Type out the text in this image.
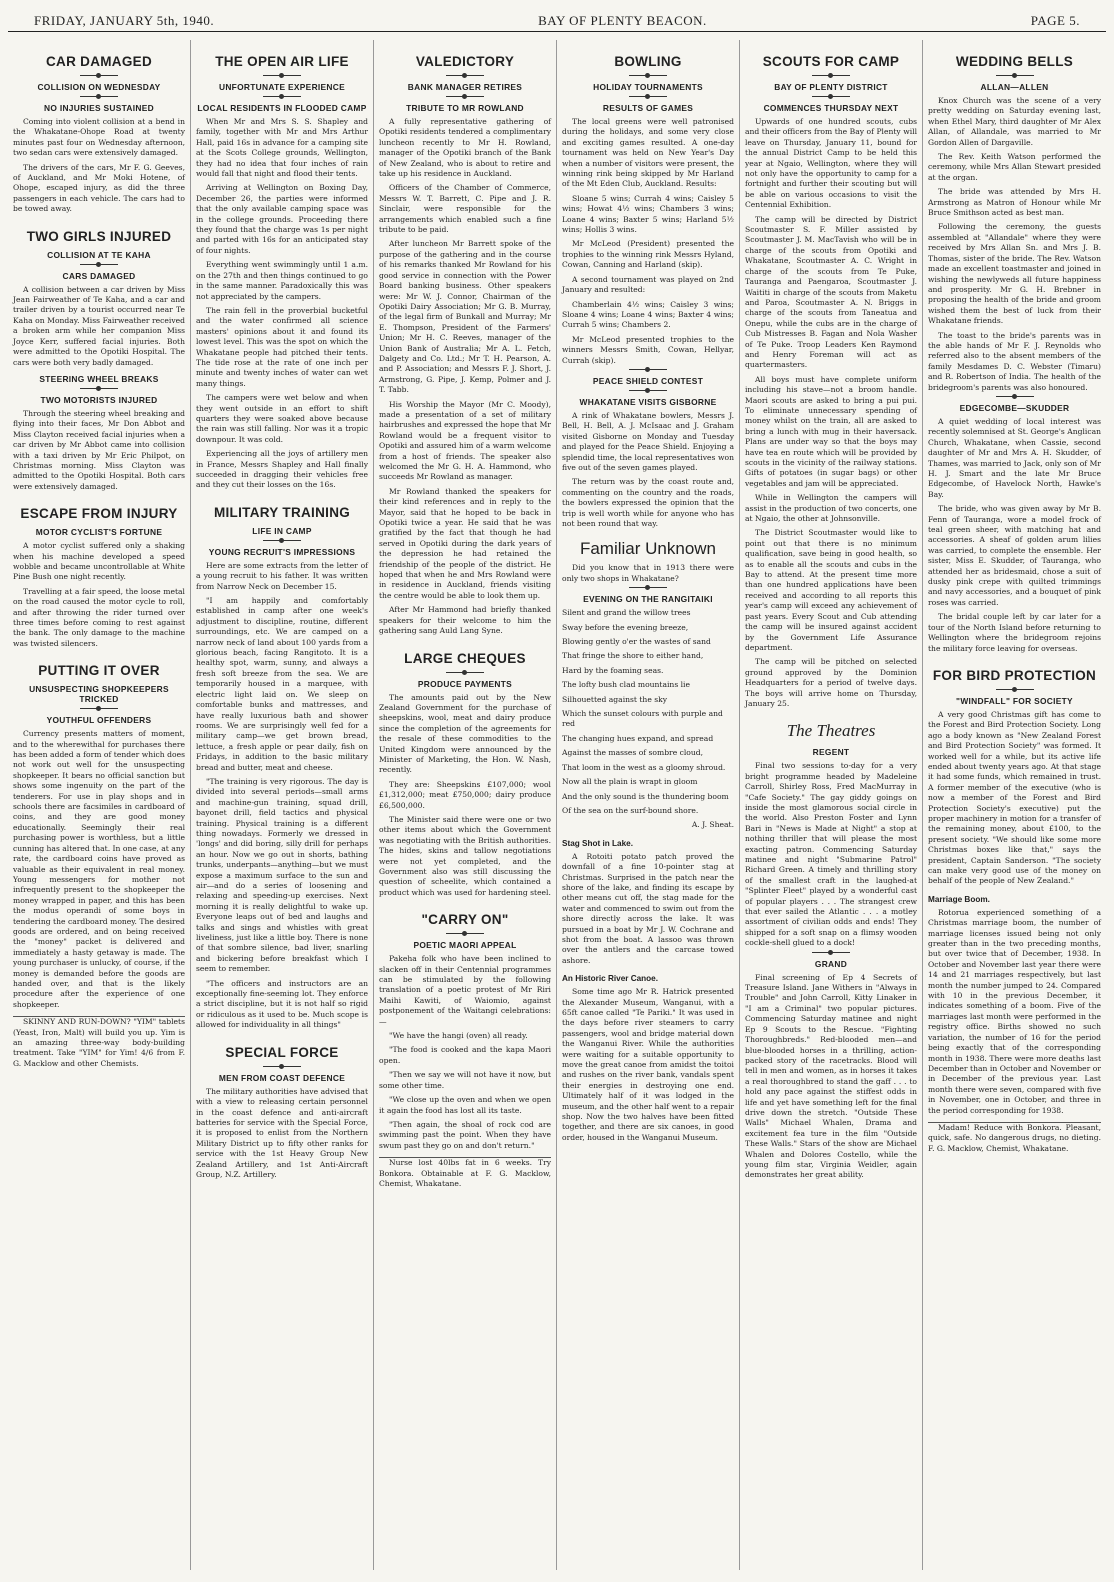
FRIDAY, JANUARY 5th, 1940.	BAY OF PLENTY BEACON.	PAGE 5.
CAR DAMAGED
COLLISION ON WEDNESDAY
NO INJURIES SUSTAINED

Coming into violent collision at a bend in the Whakatane-Ohope Road at twenty minutes past four on Wednesday afternoon, two sedan cars were extensively damaged.

The drivers of the cars, Mr F. G. Geeves, of Auckland, and Mr Moki Hotene, of Ohope, escaped injury, as did the three passengers in each vehicle. The cars had to be towed away.

TWO GIRLS INJURED
COLLISION AT TE KAHA
CARS DAMAGED

A collision between a car driven by Miss Jean Fairweather of Te Kaha, and a car and trailer driven by a tourist occurred near Te Kaha on Monday. Miss Fairweather received a broken arm while her companion Miss Joyce Kerr, suffered facial injuries. Both were admitted to the Opotiki Hospital. The cars were both very badly damaged.

STEERING WHEEL BREAKS
TWO MOTORISTS INJURED

Through the steering wheel breaking and flying into their faces, Mr Don Abbot and Miss Clayton received facial injuries when a car driven by Mr Abbot came into collision with a taxi driven by Mr Eric Philpot, on Christmas morning. Miss Clayton was admitted to the Opotiki Hospital. Both cars were extensively damaged.

ESCAPE FROM INJURY
MOTOR CYCLIST'S FORTUNE

A motor cyclist suffered only a shaking when his machine developed a speed wobble and became uncontrollable at White Pine Bush one night recently.

Travelling at a fair speed, the loose metal on the road caused the motor cycle to roll, and after throwing the rider turned over three times before coming to rest against the bank. The only damage to the machine was twisted silencers.

PUTTING IT OVER
UNSUSPECTING SHOPKEEPERS TRICKED
YOUTHFUL OFFENDERS

Currency presents matters of moment, and to the wherewithal for purchases there has been added a form of tender which does not work out well for the unsuspecting shopkeeper. It bears no official sanction but shows some ingenuity on the part of the tenderers. For use in play shops and in schools there are facsimiles in cardboard of coins, and they are good money educationally. Seemingly their real purchasing power is worthless, but a little cunning has altered that. In one case, at any rate, the cardboard coins have proved as valuable as their equivalent in real money. Young messengers for mother not infrequently present to the shopkeeper the money wrapped in paper, and this has been the modus operandi of some boys in tendering the cardboard money. The desired goods are ordered, and on being received the "money" packet is delivered and immediately a hasty getaway is made. The young purchaser is unlucky, of course, if the money is demanded before the goods are handed over, and that is the likely procedure after the experience of one shopkeeper.

SKINNY AND RUN-DOWN? "YIM" tablets (Yeast, Iron, Malt) will build you up. Yim is an amazing three-way body-building treatment. Take "YIM" for Yim! 4/6 from F. G. Macklow and other Chemists.

THE OPEN AIR LIFE
UNFORTUNATE EXPERIENCE
LOCAL RESIDENTS IN FLOODED CAMP

When Mr and Mrs S. S. Shapley and family, together with Mr and Mrs Arthur Hall, paid 16s in advance for a camping site at the Scots College grounds, Wellington, they had no idea that four inches of rain would fall that night and flood their tents.

Arriving at Wellington on Boxing Day, December 26, the parties were informed that the only available camping space was in the college grounds. Proceeding there they found that the charge was 1s per night and parted with 16s for an anticipated stay of four nights.

Everything went swimmingly until 1 a.m. on the 27th and then things continued to go in the same manner. Paradoxically this was not appreciated by the campers.

The rain fell in the proverbial bucketful and the water confirmed all science masters' opinions about it and found its lowest level. This was the spot on which the Whakatane people had pitched their tents. The tide rose at the rate of one inch per minute and twenty inches of water can wet many things.

The campers were wet below and when they went outside in an effort to shift quarters they were soaked above because the rain was still falling. Nor was it a tropic downpour. It was cold.

Experiencing all the joys of artillery men in France, Messrs Shapley and Hall finally succeeded in dragging their vehicles free and they cut their losses on the 16s.

MILITARY TRAINING
LIFE IN CAMP
YOUNG RECRUIT'S IMPRESSIONS

Here are some extracts from the letter of a young recruit to his father. It was written from Narrow Neck on December 15.

"I am happily and comfortably established in camp after one week's adjustment to discipline, routine, different surroundings, etc. We are camped on a narrow neck of land about 100 yards from a glorious beach, facing Rangitoto. It is a healthy spot, warm, sunny, and always a fresh soft breeze from the sea. We are temporarily housed in a marquee, with electric light laid on. We sleep on comfortable bunks and mattresses, and have really luxurious bath and shower rooms. We are surprisingly well fed for a military camp—we get brown bread, lettuce, a fresh apple or pear daily, fish on Fridays, in addition to the basic military bread and butter, meat and cheese.

"The training is very rigorous. The day is divided into several periods—small arms and machine-gun training, squad drill, bayonet drill, field tactics and physical training. Physical training is a different thing nowadays. Formerly we dressed in 'longs' and did boring, silly drill for perhaps an hour. Now we go out in shorts, bathing trunks, underpants—anything—but we must expose a maximum surface to the sun and air—and do a series of loosening and relaxing and speeding-up exercises. Next morning it is really delightful to wake up. Everyone leaps out of bed and laughs and talks and sings and whistles with great liveliness, just like a little boy. There is none of that sombre silence, bad liver, snarling and bickering before breakfast which I seem to remember.

"The officers and instructors are an exceptionally fine-seeming lot. They enforce a strict discipline, but it is not half so rigid or ridiculous as it used to be. Much scope is allowed for individuality in all things"

SPECIAL FORCE
MEN FROM COAST DEFENCE

The military authorities have advised that with a view to releasing certain personnel in the coast defence and anti-aircraft batteries for service with the Special Force, it is proposed to enlist from the Northern Military District up to fifty other ranks for service with the 1st Heavy Group New Zealand Artillery, and 1st Anti-Aircraft Group, N.Z. Artillery.

VALEDICTORY
BANK MANAGER RETIRES
TRIBUTE TO MR ROWLAND

A fully representative gathering of Opotiki residents tendered a complimentary luncheon recently to Mr H. Rowland, manager of the Opotiki branch of the Bank of New Zealand, who is about to retire and take up his residence in Auckland.

Officers of the Chamber of Commerce, Messrs W. T. Barrett, C. Pipe and J. R. Sinclair, were responsible for the arrangements which enabled such a fine tribute to be paid.

After luncheon Mr Barrett spoke of the purpose of the gathering and in the course of his remarks thanked Mr Rowland for his good service in connection with the Power Board banking business. Other speakers were: Mr W. J. Connor, Chairman of the Opotiki Dairy Association; Mr G. B. Murray, of the legal firm of Bunkall and Murray; Mr E. Thompson, President of the Farmers' Union; Mr H. C. Reeves, manager of the Union Bank of Australia; Mr A. L. Fetch, Dalgety and Co. Ltd.; Mr T. H. Pearson, A. and P. Association; and Messrs F. J. Short, J. Armstrong, G. Pipe, J. Kemp, Polmer and J. T. Tabb.

His Worship the Mayor (Mr C. Moody), made a presentation of a set of military hairbrushes and expressed the hope that Mr Rowland would be a frequent visitor to Opotiki and assured him of a warm welcome from a host of friends. The speaker also welcomed the Mr G. H. A. Hammond, who succeeds Mr Rowland as manager.

Mr Rowland thanked the speakers for their kind references and in reply to the Mayor, said that he hoped to be back in Opotiki twice a year. He said that he was gratified by the fact that though he had served in Opotiki during the dark years of the depression he had retained the friendship of the people of the district. He hoped that when he and Mrs Rowland were in residence in Auckland, friends visiting the centre would be able to look them up.

After Mr Hammond had briefly thanked speakers for their welcome to him the gathering sang Auld Lang Syne.

LARGE CHEQUES
PRODUCE PAYMENTS

The amounts paid out by the New Zealand Government for the purchase of sheepskins, wool, meat and dairy produce since the completion of the agreements for the resale of these commodities to the United Kingdom were announced by the Minister of Marketing, the Hon. W. Nash, recently.

They are: Sheepskins £107,000; wool £1,312,000; meat £750,000; dairy produce £6,500,000.

The Minister said there were one or two other items about which the Government was negotiating with the British authorities. The hides, skins and tallow negotiations were not yet completed, and the Government also was still discussing the question of scheelite, which contained a product which was used for hardening steel.

"CARRY ON"
POETIC MAORI APPEAL

Pakeha folk who have been inclined to slacken off in their Centennial programmes can be stimulated by the following translation of a poetic protest of Mr Riri Maihi Kawiti, of Waiomio, against postponement of the Waitangi celebrations:—

"We have the hangi (oven) all ready.

"The food is cooked and the kapa Maori open.

"Then we say we will not have it now, but some other time.

"We close up the oven and when we open it again the food has lost all its taste.

"Then again, the shoal of rock cod are swimming past the point. When they have swum past they go on and don't return."

Nurse lost 40lbs fat in 6 weeks. Try Bonkora. Obtainable at F. G. Macklow, Chemist, Whakatane.

BOWLING
HOLIDAY TOURNAMENTS
RESULTS OF GAMES

The local greens were well patronised during the holidays, and some very close and exciting games resulted. A one-day tournament was held on New Year's Day when a number of visitors were present, the winning rink being skipped by Mr Harland of the Mt Eden Club, Auckland. Results:

Sloane 5 wins; Currah 4 wins; Caisley 5 wins; Howat 4½ wins; Chambers 3 wins; Loane 4 wins; Baxter 5 wins; Harland 5½ wins; Hollis 3 wins.

Mr McLeod (President) presented the trophies to the winning rink Messrs Hyland, Cowan, Canning and Harland (skip).

A second tournament was played on 2nd January and resulted:

Chamberlain 4½ wins; Caisley 3 wins; Sloane 4 wins; Loane 4 wins; Baxter 4 wins; Currah 5 wins; Chambers 2.

Mr McLeod presented trophies to the winners Messrs Smith, Cowan, Hellyar, Currah (skip).

PEACE SHIELD CONTEST
WHAKATANE VISITS GISBORNE

A rink of Whakatane bowlers, Messrs J. Bell, H. Bell, A. J. McIsaac and J. Graham visited Gisborne on Monday and Tuesday and played for the Peace Shield. Enjoying a splendid time, the local representatives won five out of the seven games played.

The return was by the coast route and, commenting on the country and the roads, the bowlers expressed the opinion that the trip is well worth while for anyone who has not been round that way.

Familiar Unknown

Did you know that in 1913 there were only two shops in Whakatane?

EVENING ON THE RANGITAIKI

Silent and grand the willow trees

Sway before the evening breeze,

Blowing gently o'er the wastes of sand

That fringe the shore to either hand,

Hard by the foaming seas.

The lofty bush clad mountains lie

Silhouetted against the sky

Which the sunset colours with purple and red

The changing hues expand, and spread

Against the masses of sombre cloud,

That loom in the west as a gloomy shroud.

Now all the plain is wrapt in gloom

And the only sound is the thundering boom

Of the sea on the surf-bound shore.

A. J. Sheat.

Stag Shot in Lake.

A Rotoiti potato patch proved the downfall of a fine 10-pointer stag at Christmas. Surprised in the patch near the shore of the lake, and finding its escape by other means cut off, the stag made for the water and commenced to swim out from the shore directly across the lake. It was pursued in a boat by Mr J. W. Cochrane and shot from the boat. A lassoo was thrown over the antlers and the carcase towed ashore.

An Historic River Canoe.

Some time ago Mr R. Hatrick presented the Alexander Museum, Wanganui, with a 65ft canoe called "Te Pariki." It was used in the days before river steamers to carry passengers, wool and bridge material down the Wanganui River. While the authorities were waiting for a suitable opportunity to move the great canoe from amidst the toitoi and rushes on the river bank, vandals spent their energies in destroying one end. Ultimately half of it was lodged in the museum, and the other half went to a repair shop. Now the two halves have been fitted together, and there are six canoes, in good order, housed in the Wanganui Museum.

SCOUTS FOR CAMP
BAY OF PLENTY DISTRICT
COMMENCES THURSDAY NEXT

Upwards of one hundred scouts, cubs and their officers from the Bay of Plenty will leave on Thursday, January 11, bound for the annual District Camp to be held this year at Ngaio, Wellington, where they will not only have the opportunity to camp for a fortnight and further their scouting but will be able on various occasions to visit the Centennial Exhibition.

The camp will be directed by District Scoutmaster S. F. Miller assisted by Scoutmaster J. M. MacTavish who will be in charge of the scouts from Opotiki and Whakatane, Scoutmaster A. C. Wright in charge of the scouts from Te Puke, Tauranga and Paengaroa, Scoutmaster J. Waititi in charge of the scouts from Maketu and Paroa, Scoutmaster A. N. Briggs in charge of the scouts from Taneatua and Onepu, while the cubs are in the charge of Cub Mistresses B. Fagan and Nola Washer of Te Puke. Troop Leaders Ken Raymond and Henry Foreman will act as quartermasters.

All boys must have complete uniform including his stave—not a broom handle. Maori scouts are asked to bring a pui pui. To eliminate unnecessary spending of money whilst on the train, all are asked to bring a lunch with mug in their haversack. Plans are under way so that the boys may have tea en route which will be provided by scouts in the vicinity of the railway stations. Gifts of potatoes (in sugar bags) or other vegetables and jam will be appreciated.

While in Wellington the campers will assist in the production of two concerts, one at Ngaio, the other at Johnsonville.

The District Scoutmaster would like to point out that there is no minimum qualification, save being in good health, so as to enable all the scouts and cubs in the Bay to attend. At the present time more than one hundred applications have been received and according to all reports this year's camp will exceed any achievement of past years. Every Scout and Cub attending the camp will be insured against accident by the Government Life Assurance department.

The camp will be pitched on selected ground approved by the Dominion Headquarters for a period of twelve days. The boys will arrive home on Thursday, January 25.

The Theatres
REGENT

Final two sessions to-day for a very bright programme headed by Madeleine Carroll, Shirley Ross, Fred MacMurray in "Cafe Society." The gay giddy goings on inside the most glamorous social circle in the world. Also Preston Foster and Lynn Bari in "News is Made at Night" a stop at nothing thriller that will please the most exacting patron. Commencing Saturday matinee and night "Submarine Patrol" Richard Green. A timely and thrilling story of the smallest craft in the laughed-at "Splinter Fleet" played by a wonderful cast of popular players . . . The strangest crew that ever sailed the Atlantic . . . a motley assortment of civilian odds and ends! They shipped for a soft snap on a flimsy wooden cockle-shell glued to a dock!

GRAND

Final screening of Ep 4 Secrets of Treasure Island. Jane Withers in "Always in Trouble" and John Carroll, Kitty Linaker in "I am a Criminal" two popular pictures. Commencing Saturday matinee and night Ep 9 Scouts to the Rescue. "Fighting Thoroughbreds." Red-blooded men—and blue-blooded horses in a thrilling, action-packed story of the racetracks. Blood will tell in men and women, as in horses it takes a real thoroughbred to stand the gaff . . . to hold any pace against the stiffest odds in life and yet have something left for the final drive down the stretch. "Outside These Walls" Michael Whalen, Drama and excitement fea ture in the film "Outside These Walls." Stars of the show are Michael Whalen and Dolores Costello, while the young film star, Virginia Weidler, again demonstrates her great ability.

WEDDING BELLS
ALLAN—ALLEN

Knox Church was the scene of a very pretty wedding on Saturday evening last, when Ethel Mary, third daughter of Mr Alex Allan, of Allandale, was married to Mr Gordon Allen of Dargaville.

The Rev. Keith Watson performed the ceremony, while Mrs Allan Stewart presided at the organ.

The bride was attended by Mrs H. Armstrong as Matron of Honour while Mr Bruce Smithson acted as best man.

Following the ceremony, the guests assembled at "Allandale" where they were received by Mrs Allan Sn. and Mrs J. B. Thomas, sister of the bride. The Rev. Watson made an excellent toastmaster and joined in wishing the newlyweds all future happiness and prosperity. Mr G. H. Brebner in proposing the health of the bride and groom wished them the best of luck from their Whakatane friends.

The toast to the bride's parents was in the able hands of Mr F. J. Reynolds who referred also to the absent members of the family Mesdames D. C. Webster (Timaru) and R. Robertson of India. The health of the bridegroom's parents was also honoured.

EDGECOMBE—SKUDDER

A quiet wedding of local interest was recently solemnised at St. George's Anglican Church, Whakatane, when Cassie, second daughter of Mr and Mrs A. H. Skudder, of Thames, was married to Jack, only son of Mr H. J. Smart and the late Mr Bruce Edgecombe, of Havelock North, Hawke's Bay.

The bride, who was given away by Mr B. Fenn of Tauranga, wore a model frock of teal green sheer, with matching hat and accessories. A sheaf of golden arum lilies was carried, to complete the ensemble. Her sister, Miss E. Skudder, of Tauranga, who attended her as bridesmaid, chose a suit of dusky pink crepe with quilted trimmings and navy accessories, and a bouquet of pink roses was carried.

The bridal couple left by car later for a tour of the North Island before returning to Wellington where the bridegroom rejoins the military force leaving for overseas.

FOR BIRD PROTECTION
"WINDFALL" FOR SOCIETY

A very good Christmas gift has come to the Forest and Bird Protection Society. Long ago a body known as "New Zealand Forest and Bird Protection Society" was formed. It worked well for a while, but its active life ended about twenty years ago. At that stage it had some funds, which remained in trust. A former member of the executive (who is now a member of the Forest and Bird Protection Society's executive) put the proper machinery in motion for a transfer of the remaining money, about £100, to the present society. "We should like some more Christmas boxes like that," says the president, Captain Sanderson. "The society can make very good use of the money on behalf of the people of New Zealand."

Marriage Boom.

Rotorua experienced something of a Christmas marriage boom, the number of marriage licenses issued being not only greater than in the two preceding months, but over twice that of December, 1938. In October and November last year there were 14 and 21 marriages respectively, but last month the number jumped to 24. Compared with 10 in the previous December, it indicates something of a boom. Five of the marriages last month were performed in the registry office. Births showed no such variation, the number of 16 for the period being exactly that of the corresponding month in 1938. There were more deaths last December than in October and November or in December of the previous year. Last month there were seven, compared with five in November, one in October, and three in the period corresponding for 1938.

Madam! Reduce with Bonkora. Pleasant, quick, safe. No dangerous drugs, no dieting. F. G. Macklow, Chemist, Whakatane.
